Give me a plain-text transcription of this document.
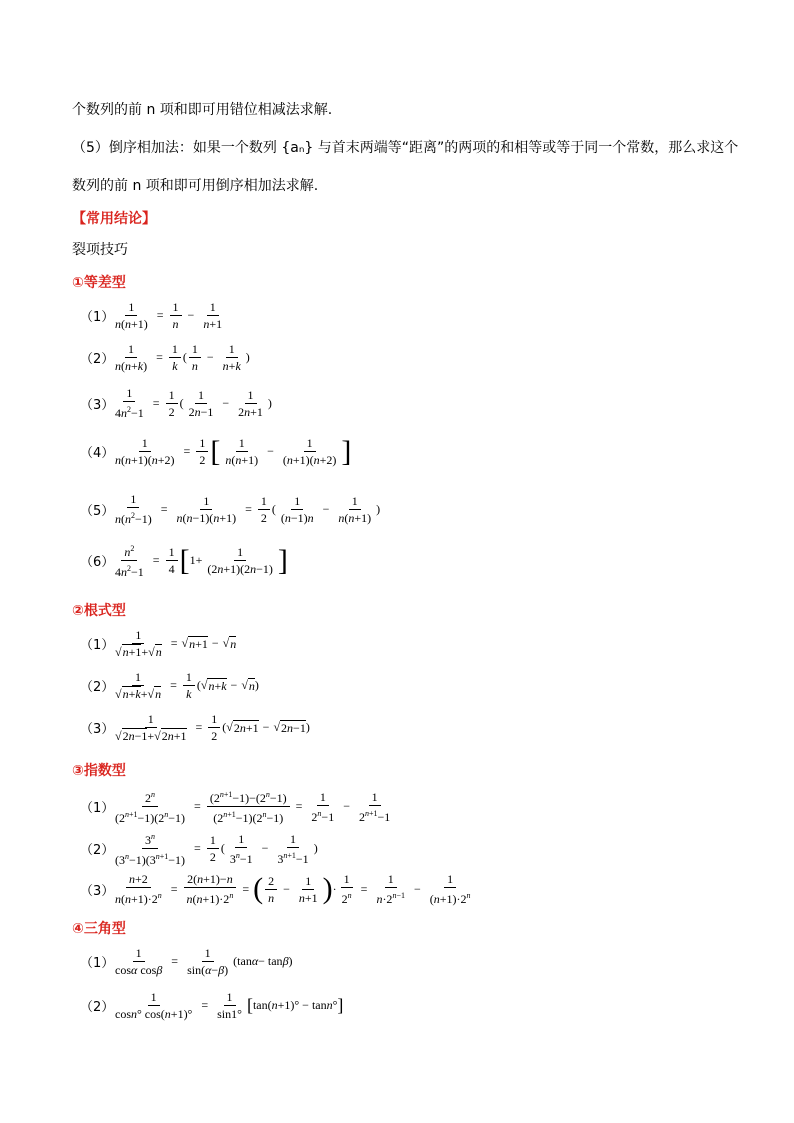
个数列的前 n 项和即可用错位相减法求解.
（5）倒序相加法：如果一个数列 {aₙ} 与首末两端等“距离”的两项的和相等或等于同一个常数，那么求这个
数列的前 n 项和即可用倒序相加法求解.
【常用结论】
裂项技巧
①等差型
（1）
$\frac{1}{n(n+1)} = \frac{1}{n} - \frac{1}{n+1}$
（2）
$\frac{1}{n(n+k)} = \frac{1}{k}$ ( $\frac{1}{n} - \frac{1}{n+k}$ )
（3）
$\frac{1}{4n^2-1} = \frac{1}{2}$ ( $\frac{1}{2n-1} - \frac{1}{2n+1}$ )
（4）
$\frac{1}{n(n+1)(n+2)} = \frac{1}{2}$ [ $\frac{1}{n(n+1)} - \frac{1}{(n+1)(n+2)}$ ]
（5）
$\frac{1}{n(n^2-1)} = \frac{1}{n(n-1)(n+1)} = \frac{1}{2}$ ( $\frac{1}{(n-1)n} - \frac{1}{n(n+1)}$ )
（6）
$\frac{n^2}{4n^2-1} = \frac{1}{4}$ [ $1+ \frac{1}{(2n+1)(2n-1)}$ ]
②根式型
（1）
$\frac{1}{√n+1+√n}$ = √ n+1 − √ n
（2）
$\frac{1}{√n+k+√n} = \frac{1}{k}$ (√ n+k − √ n )
（3）
$\frac{1}{√2n-1+√2n+1} = \frac{1}{2}$ (√ 2n+1 − √ 2n−1 )
③指数型
（1）
$\frac{2^n}{(2^{n+1}-1)(2^n-1)} = \frac{(2^{n+1}-1)-(2^n-1)}{(2^{n+1}-1)(2^n-1)} = \frac{1}{2^n-1} - \frac{1}{2^{n+1}-1}$
（2）
$\frac{3^n}{(3^n-1)(3^{n+1}-1)} = \frac{1}{2}$ ( $\frac{1}{3^n-1} - \frac{1}{3^{n+1}-1}$ )
（3）
$\frac{n+2}{n(n+1)\cdot 2^n} = \frac{2(n+1)-n}{n(n+1)\cdot 2^n}$ = ( $\frac{2}{n} - \frac{1}{n+1}$ ) · $\frac{1}{2^n} = \frac{1}{n\cdot 2^{n-1}} - \frac{1}{(n+1)\cdot 2^n}$
④三角型
（1）
$\frac{1}{\text{cosα cosβ}} = \frac{1}{\sin(\alpha-\beta)} (\tan$ α − tan β )
（2）
$\frac{1}{\cos n^\circ \cos(n+1)^\circ} = \frac{1}{\sin 1^\circ}$ [ tan( n +1)° − tan n ° ]
